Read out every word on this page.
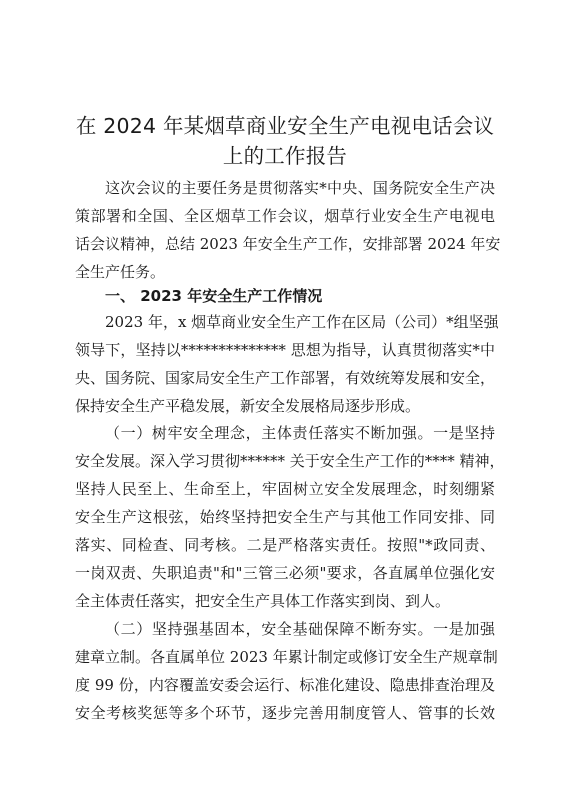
在 2024 年某烟草商业安全生产电视电话会议
上的工作报告
这次会议的主要任务是贯彻落实*中央、国务院安全生产决
策部署和全国、全区烟草工作会议，烟草行业安全生产电视电
话会议精神，总结 2023 年安全生产工作，安排部署 2024 年安
全生产任务。
一、 2023 年安全生产工作情况
2023 年，x 烟草商业安全生产工作在区局（公司）*组坚强
领导下，坚持以************** 思想为指导，认真贯彻落实*中
央、国务院、国家局安全生产工作部署，有效统筹发展和安全，
保持安全生产平稳发展，新安全发展格局逐步形成。
（一）树牢安全理念，主体责任落实不断加强。一是坚持
安全发展。深入学习贯彻****** 关于安全生产工作的**** 精神，
坚持人民至上、生命至上，牢固树立安全发展理念，时刻绷紧
安全生产这根弦，始终坚持把安全生产与其他工作同安排、同
落实、同检查、同考核。二是严格落实责任。按照"*政同责、
一岗双责、失职追责"和"三管三必须"要求，各直属单位强化安
全主体责任落实，把安全生产具体工作落实到岗、到人。
（二）坚持强基固本，安全基础保障不断夯实。一是加强
建章立制。各直属单位 2023 年累计制定或修订安全生产规章制
度 99 份，内容覆盖安委会运行、标准化建设、隐患排查治理及
安全考核奖惩等多个环节，逐步完善用制度管人、管事的长效
